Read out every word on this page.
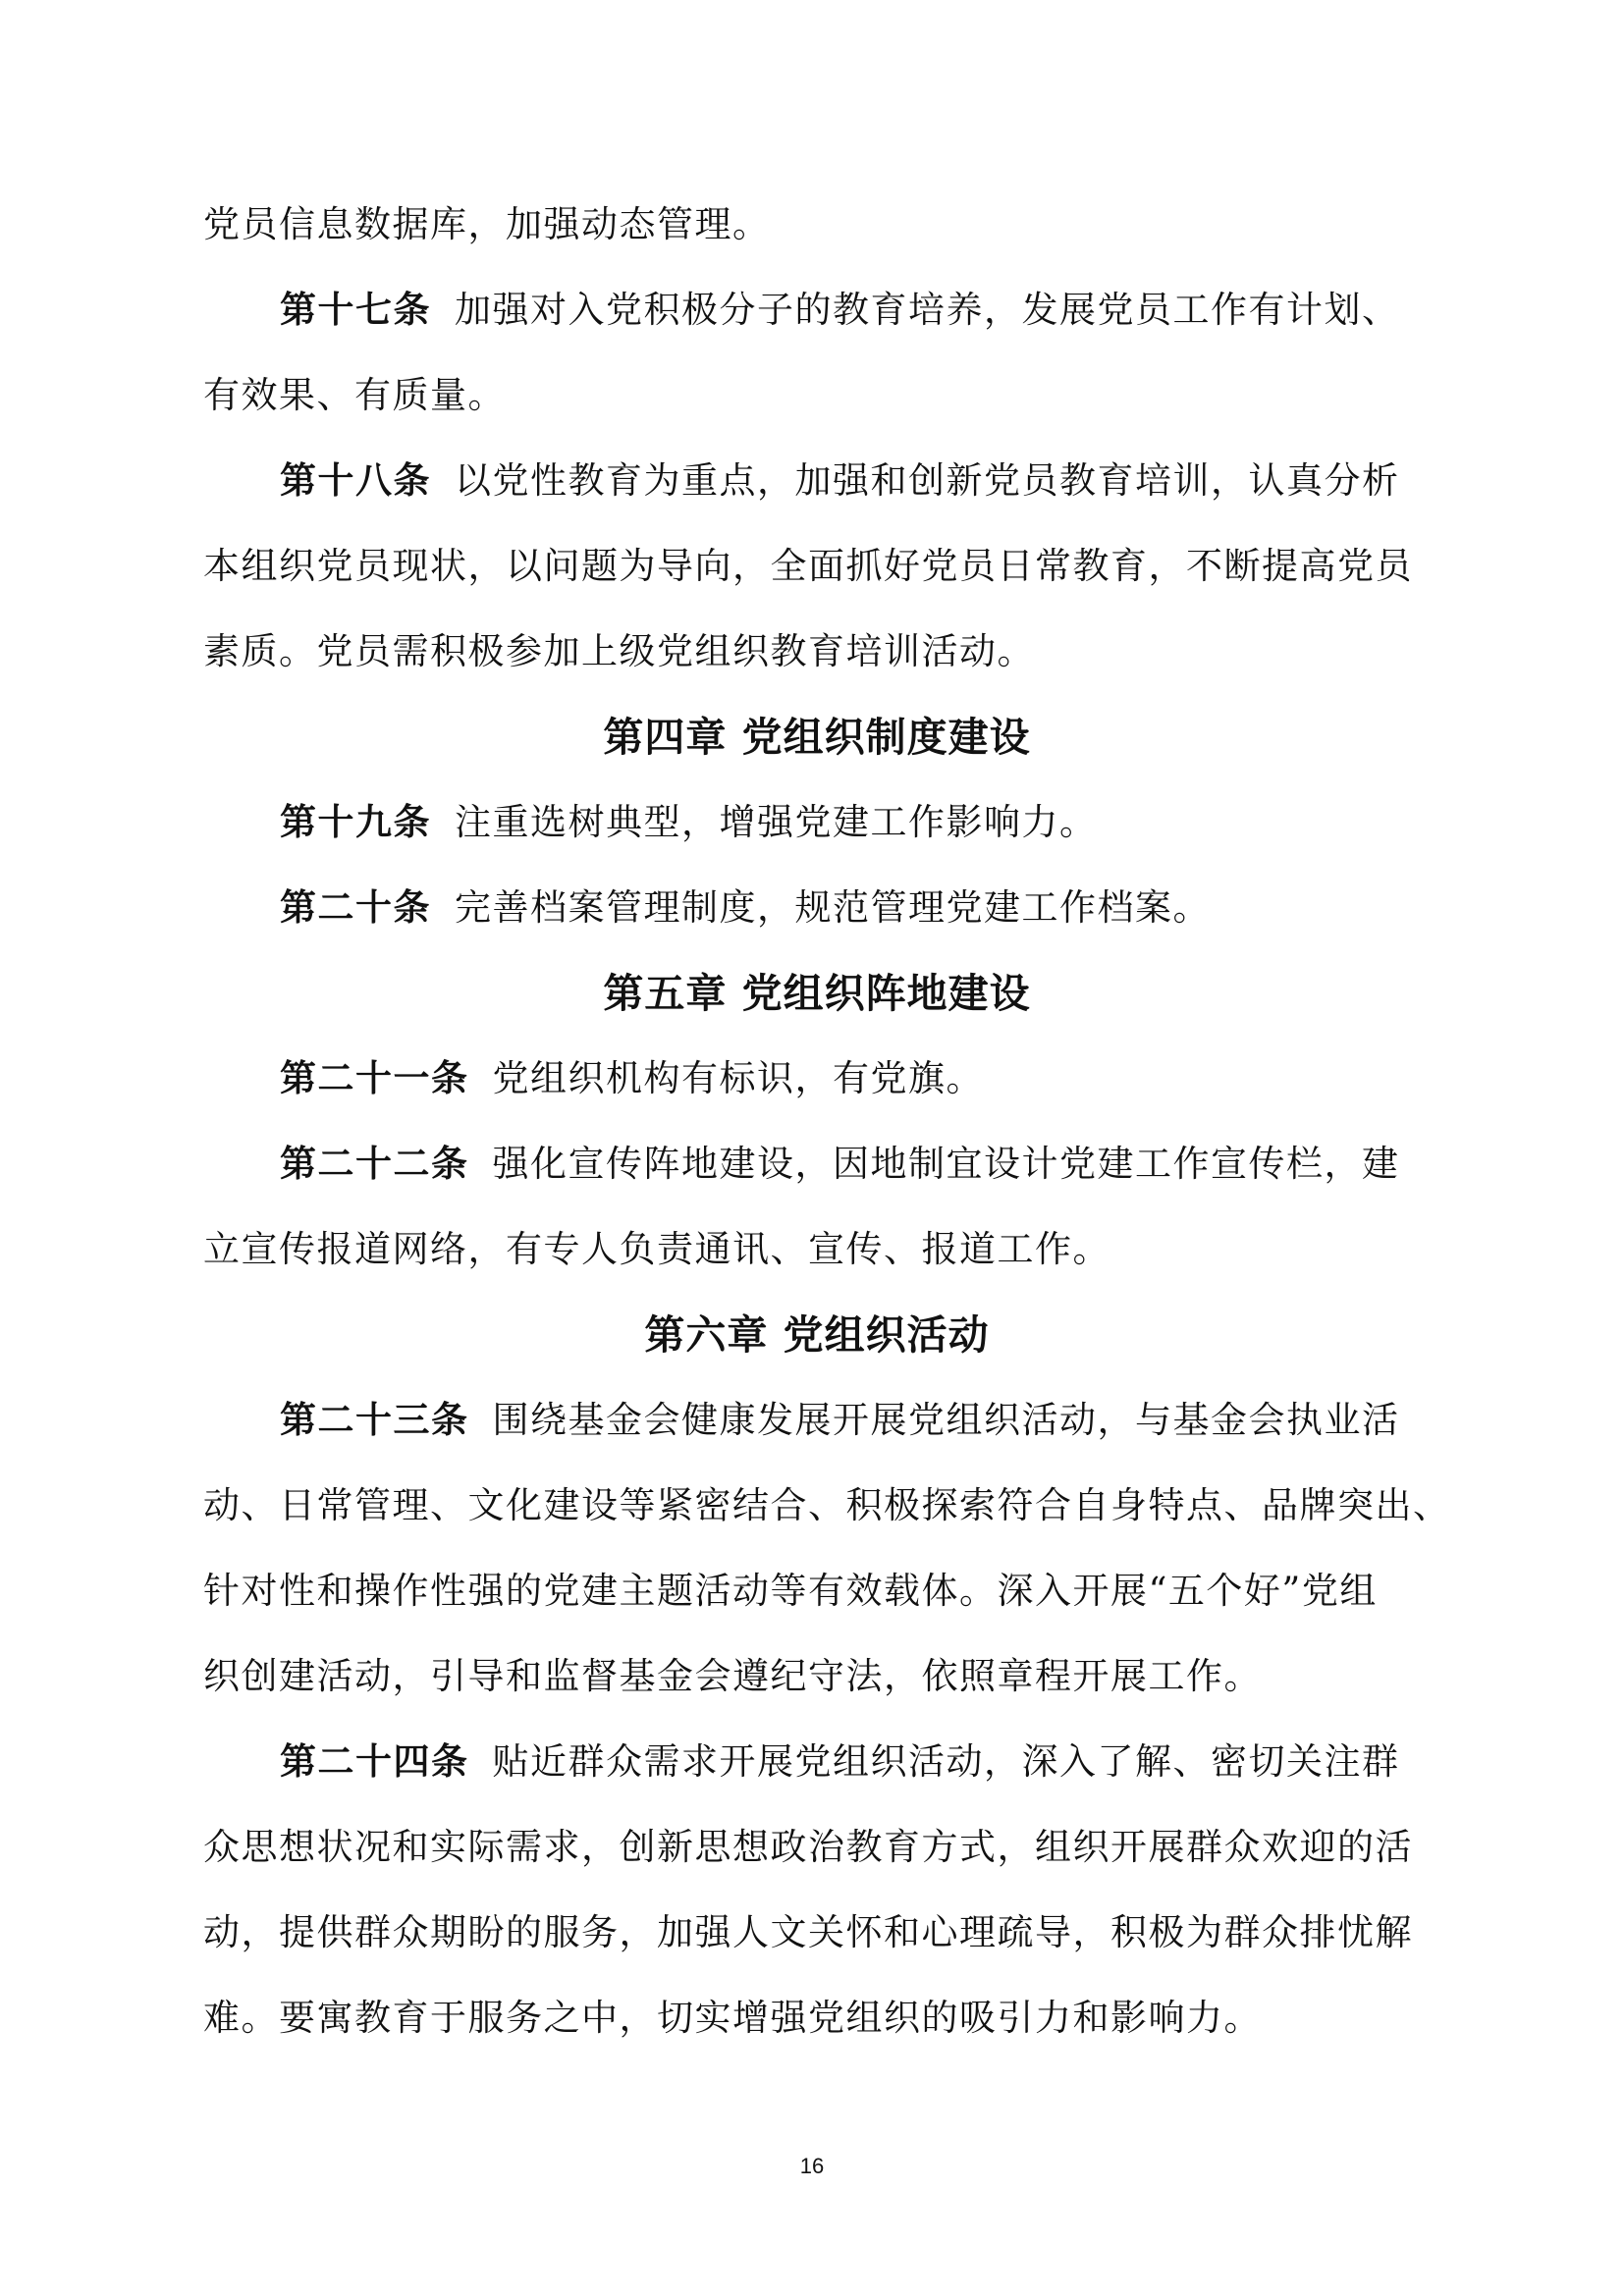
党员信息数据库，加强动态管理。
第十七条 加强对入党积极分子的教育培养，发展党员工作有计划、
有效果、有质量。
第十八条 以党性教育为重点，加强和创新党员教育培训，认真分析
本组织党员现状，以问题为导向，全面抓好党员日常教育，不断提高党员
素质。党员需积极参加上级党组织教育培训活动。
第四章 党组织制度建设
第十九条 注重选树典型，增强党建工作影响力。
第二十条 完善档案管理制度，规范管理党建工作档案。
第五章 党组织阵地建设
第二十一条 党组织机构有标识，有党旗。
第二十二条 强化宣传阵地建设，因地制宜设计党建工作宣传栏，建
立宣传报道网络，有专人负责通讯、宣传、报道工作。
第六章 党组织活动
第二十三条 围绕基金会健康发展开展党组织活动，与基金会执业活
动、日常管理、文化建设等紧密结合、积极探索符合自身特点、品牌突出、
针对性和操作性强的党建主题活动等有效载体。深入开展“五个好”党组
织创建活动，引导和监督基金会遵纪守法，依照章程开展工作。
第二十四条 贴近群众需求开展党组织活动，深入了解、密切关注群
众思想状况和实际需求，创新思想政治教育方式，组织开展群众欢迎的活
动，提供群众期盼的服务，加强人文关怀和心理疏导，积极为群众排忧解
难。要寓教育于服务之中，切实增强党组织的吸引力和影响力。
16
